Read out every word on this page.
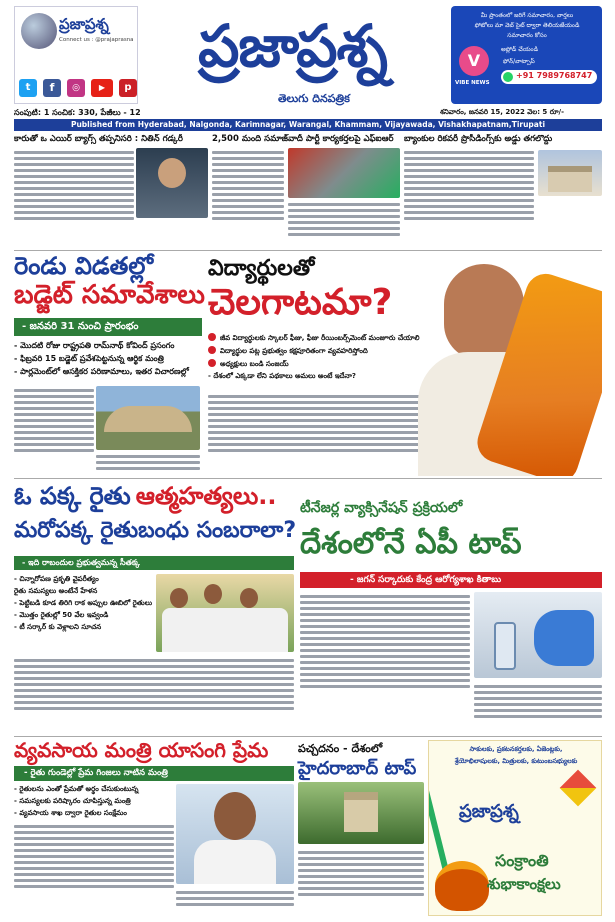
ప్రజాప్రశ్న
Connect us : @prajaprasna
t	f	◎	▶	p
ప్రజాప్రశ్న
తెలుగు దినపత్రిక
మీ ప్రాంతంలో జరిగే సమాచారం, వార్తలు
ఫోటోలు మా వెబ్ సైట్ ద్వారా తెలియజేయండి
సమాచారం కోసం
V
VIBE NEWS
అప్లోడ్ చేయండి
ఫోన్/వాట్సాప్
+91 7989768747
సంపుటి: 1 సంచిక: 330, పేజీలు - 12	శనివారం, జనవరి 15, 2022 వెల: 5 రూ/-
Published from Hyderabad, Nalgonda, Karimnagar, Warangal, Khammam, Vijayawada, Vishakhapatnam,Tirupati
కారుతో ఒ ఎయిర్ బ్యాగ్స్ తప్పనిసరి : నితిన్ గడ్కరీ	2,500 మంది సమాజ్‌వాదీ పార్టీ కార్యకర్తలపై ఎఫ్‌ఐఆర్	బ్యాంకుల రికవరీ ప్రొసీడింగ్స్‌కు అడ్డు తగలొద్దు
రెండు విడతల్లో
బడ్జెట్ సమావేశాలు
- జనవరి 31 నుంచి ప్రారంభం
- మొదటి రోజు రాష్ట్రపతి రామ్‌నాథ్ కోవింద్ ప్రసంగం
- ఫిబ్రవరి 15 బడ్జెట్ ప్రవేశపెట్టనున్న ఆర్థిక మంత్రి
- పార్లమెంట్‌లో ఆసక్తికర పరిణామాలు, ఇతర విచారణల్లో
విద్యార్థులతో
చెలగాటమా?
జీవ విద్యార్థులకు స్కాలర్ ఫీజు, ఫీజు రీయింబర్స్‌మెంట్ మంజూరు చేయాలి
విద్యార్థుల పట్ల ప్రభుత్వం కక్షపూరితంగా వ్యవహరిస్తోంది
అధ్యక్షులు బండి సంజయ్
- దేశంలో ఎక్కడా లేని పథకాలు అమలు అంటే ఇదేనా?
ఓ పక్క రైతు ఆత్మహత్యలు..
మరోపక్క రైతుబంధు సంబరాలా?
- ఇది రాబందుల ప్రభుత్వమన్న సీతక్క
- చిన్నారోపణ ప్రకృతి వైపరీత్యం
రైతు సమస్యలు అంటేనే హేళన
- పెట్టిబడి కూడ తిరిగి రాక అప్పుల ఊబిలో రైతులు
- మొత్తం రైతుల్లో 50 వేల ఇవ్వండి
- టీ సర్కార్ కు వెళ్లాలని సూచన
టీనేజర్ల వ్యాక్సినేషన్ ప్రక్రియలో
దేశంలోనే ఏపీ టాప్
- జగన్ సర్కారుకు కేంద్ర ఆరోగ్యశాఖ కితాబు
వ్యవసాయ మంత్రి యాసంగి ప్రేమ
- రైతు గుండెల్లో ప్రేమ గింజలు నాటిన మంత్రి
- రైతులను ఎంతో ప్రేమతో అర్థం చేసుకుంటున్న
- సమస్యలకు పరిష్కారం చూపిస్తున్న మంత్రి
- వ్యవసాయ శాఖ ద్వారా రైతుల సంక్షేమం
పచ్చదనం - దేశంలో
హైదరాబాద్ టాప్
సాకులకు, ప్రకటనకర్తలకు, ఏజెంట్లకు,
శ్రేయోభిలాషులకు, మిత్రులకు, కుటుంబసభ్యులకు
ప్రజాప్రశ్న
సంక్రాంతి
శుభాకాంక్షలు
